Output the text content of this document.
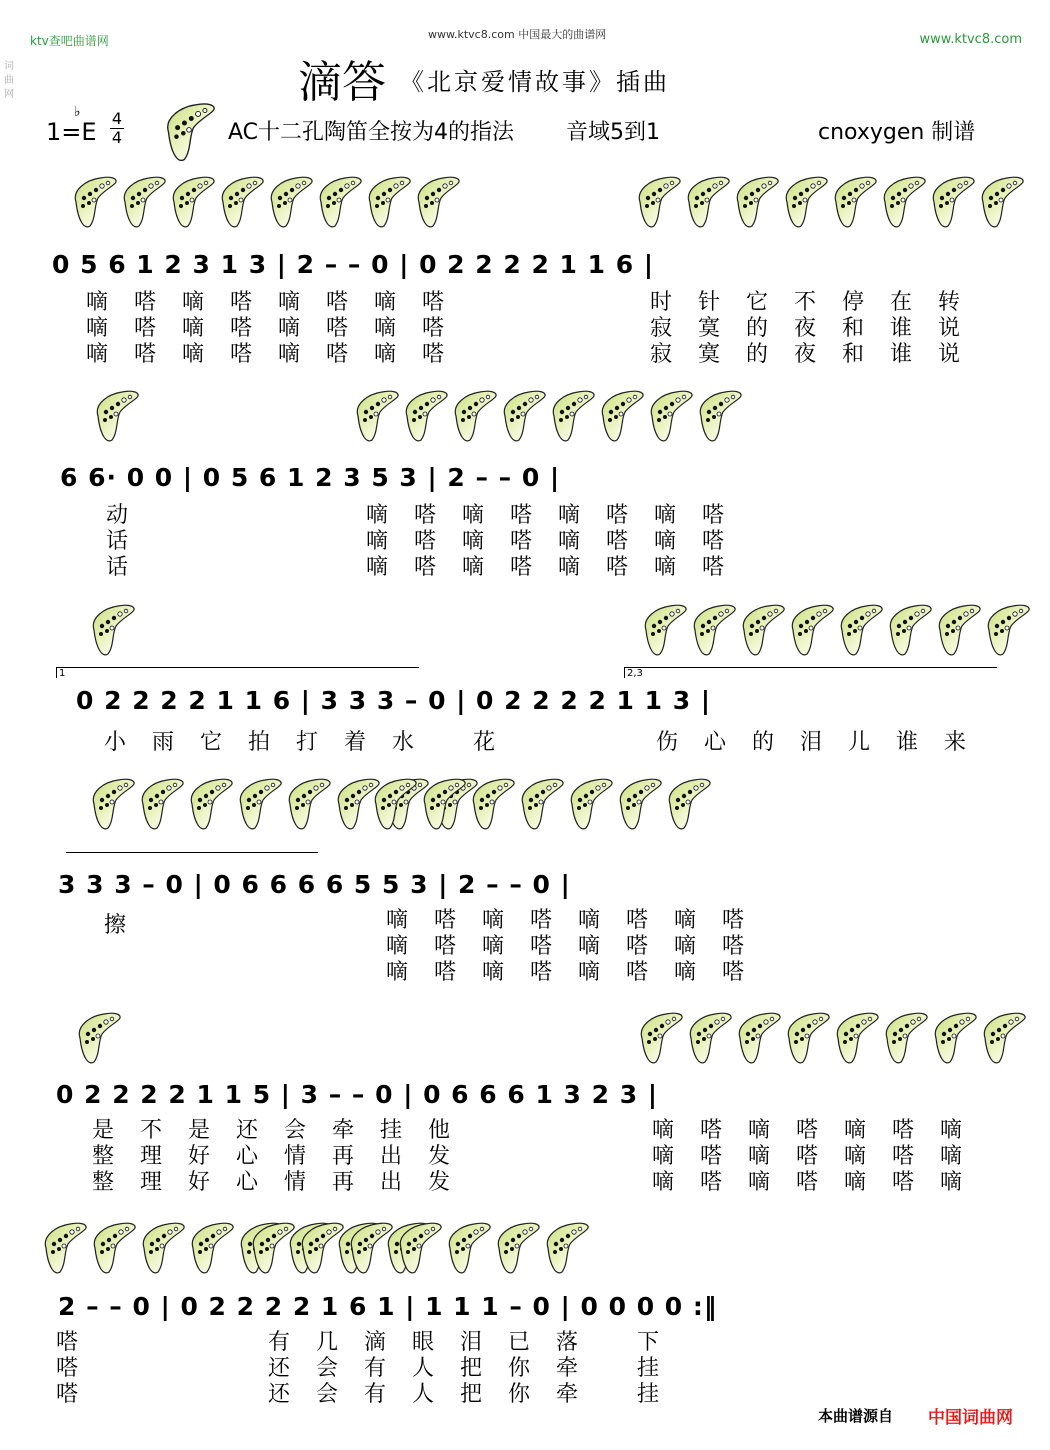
ktv查吧曲谱网	www.ktvc8.com 中国最大的曲谱网	www.ktvc8.com
词曲网	滴答 《北京爱情故事》插曲
1=E
♭ 4
4	AC十二孔陶笛全按为4的指法 音域5到1	cnoxygen 制谱
0 5 6 1 2 3 1 3 | 2 – – 0 | 0 2 2 2 2 1 1 6 |
嘀嗒嘀嗒嘀嗒嘀嗒
嘀嗒嘀嗒嘀嗒嘀嗒
嘀嗒嘀嗒嘀嗒嘀嗒
时针它不停在转
寂寞的夜和谁说
寂寞的夜和谁说
6 6· 0 0 | 0 5 6 1 2 3 5 3 | 2 – – 0 |
动
话
话
嘀嗒嘀嗒嘀嗒嘀嗒
嘀嗒嘀嗒嘀嗒嘀嗒
嘀嗒嘀嗒嘀嗒嘀嗒
1	2,3
0 2 2 2 2 1 1 6 | 3 3 3 – 0 | 0 2 2 2 2 1 1 3 |
小雨它拍打着水 花	伤心的泪儿谁来
3 3 3 – 0 | 0 6 6 6 6 5 5 3 | 2 – – 0 |
擦	嘀嗒嘀嗒嘀嗒嘀嗒
嘀嗒嘀嗒嘀嗒嘀嗒
嘀嗒嘀嗒嘀嗒嘀嗒
0 2 2 2 2 1 1 5 | 3 – – 0 | 0 6 6 6 1 3 2 3 |
是不是还会牵挂他
整理好心情再出发
整理好心情再出发
嘀嗒嘀嗒嘀嗒嘀
嘀嗒嘀嗒嘀嗒嘀
嘀嗒嘀嗒嘀嗒嘀
2 – – 0 | 0 2 2 2 2 1 6 1 | 1 1 1 – 0 | 0 0 0 0 :‖
嗒
嗒
嗒
有几滴眼泪已落 下
还会有人把你牵 挂
还会有人把你牵 挂
本曲谱源自 中国词曲网
